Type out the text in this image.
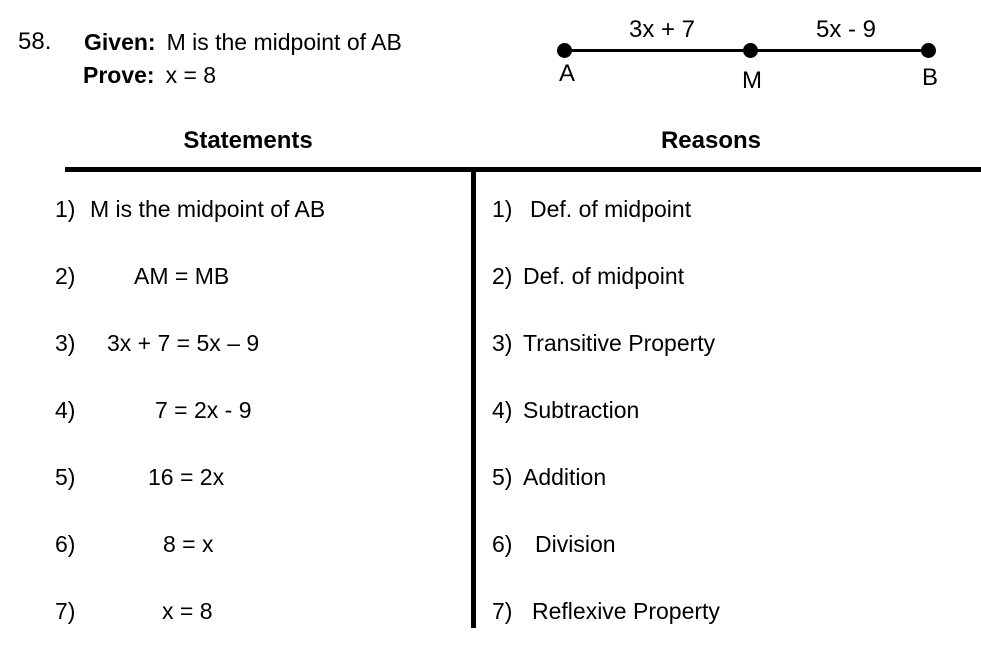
58. Given: M is the midpoint of AB
Prove: x = 8
3x + 7	5x - 9
A	M	B
Statements	Reasons
1) M is the midpoint of AB	1) Def. of midpoint
2)	AM = MB	2) Def. of midpoint
3) 3x + 7 = 5x – 9	3) Transitive Property
4)	7 = 2x - 9	4) Subtraction
5)	16 = 2x	5) Addition
6)	8 = x	6) Division
7)	x = 8	7) Reflexive Property
